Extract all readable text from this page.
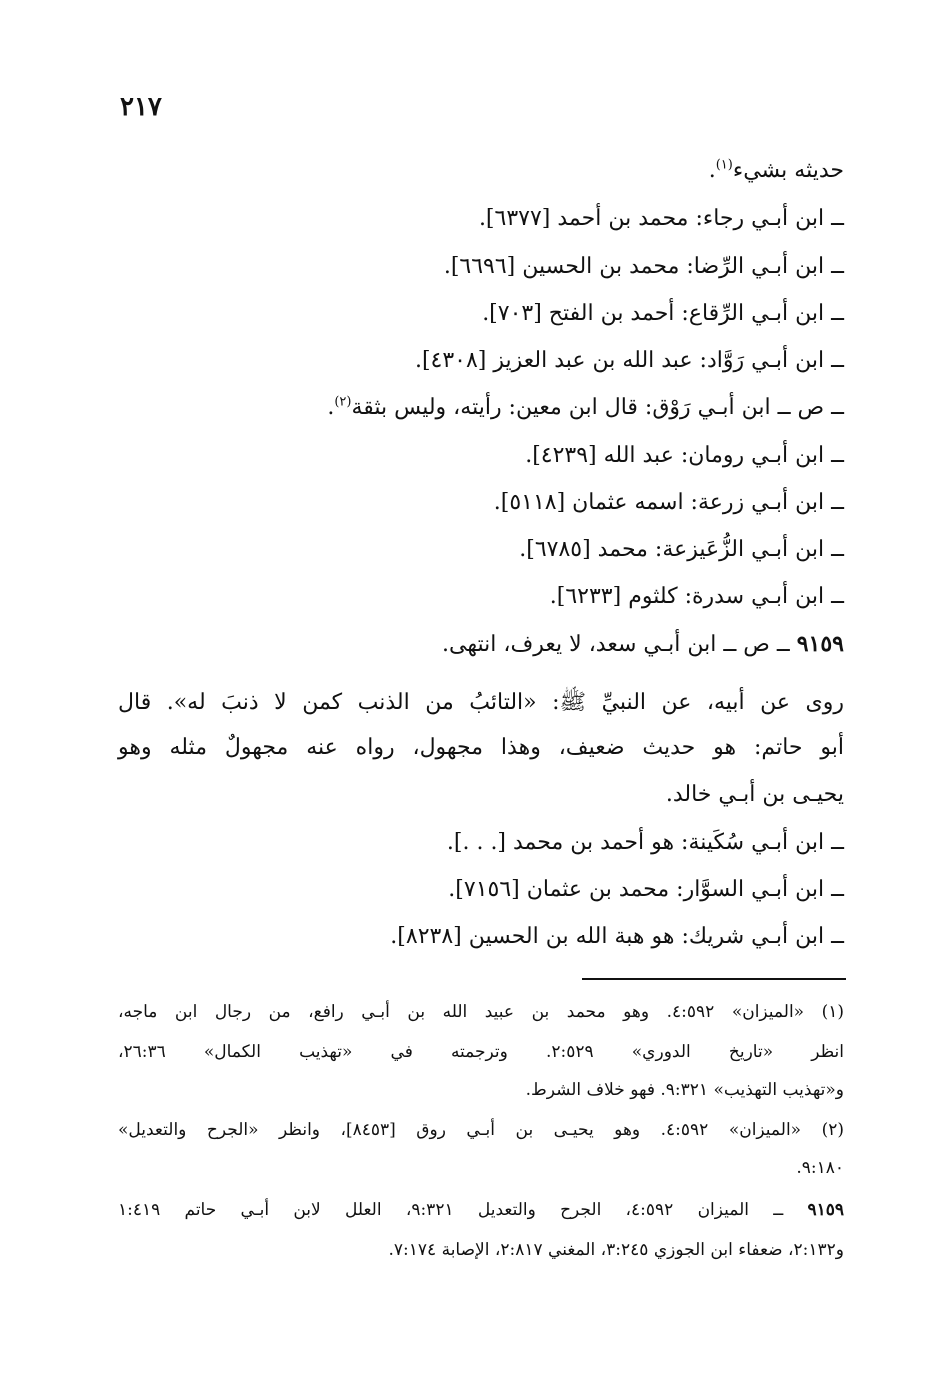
٢١٧
حديثه بشيء$^{(١)}$.
ــ ابن أبـي رجاء: محمد بن أحمد [٦٣٧٧].
ــ ابن أبـي الرِّضا: محمد بن الحسين [٦٦٩٦].
ــ ابن أبـي الرِّقاع: أحمد بن الفتح [٧٠٣].
ــ ابن أبـي رَوَّاد: عبد الله بن عبد العزيز [٤٣٠٨].
ــ ص ــ ابن أبـي رَوْق: قال ابن معين: رأيته، وليس بثقة$^{(٢)}$.
ــ ابن أبـي رومان: عبد الله [٤٢٣٩].
ــ ابن أبـي زرعة: اسمه عثمان [٥١١٨].
ــ ابن أبـي الزُّعَيزعة: محمد [٦٧٨٥].
ــ ابن أبـي سدرة: كلثوم [٦٢٣٣].
٩١٥٩ ــ ص ــ ابن أبـي سعد، لا يعرف، انتهى.
روى عن أبيه، عن النبيِّ ﷺ: «التائبُ من الذنب كمن لا ذنبَ له». قال
أبو حاتم: هو حديث ضعيف، وهذا مجهول، رواه عنه مجهولٌ مثله وهو
يحيـى بن أبـي خالد.
ــ ابن أبـي سُكَينة: هو أحمد بن محمد [. . .].
ــ ابن أبـي السوَّار: محمد بن عثمان [٧١٥٦].
ــ ابن أبـي شريك: هو هبة الله بن الحسين [٨٢٣٨].
(١) «الميزان» ٤:٥٩٢. وهو محمد بن عبيد الله بن أبـي رافع، من رجال ابن ماجه،
انظر «تاريخ الدوري» ٢:٥٢٩. وترجمته في «تهذيب الكمال» ٢٦:٣٦،
و«تهذيب التهذيب» ٩:٣٢١. فهو خلاف الشرط.
(٢) «الميزان» ٤:٥٩٢. وهو يحيـى بن أبـي روق [٨٤٥٣]، وانظر «الجرح والتعديل»
٩:١٨٠.
٩١٥٩ ــ الميزان ٤:٥٩٢، الجرح والتعديل ٩:٣٢١، العلل لابن أبـي حاتم ١:٤١٩
و٢:١٣٢، ضعفاء ابن الجوزي ٣:٢٤٥، المغني ٢:٨١٧، الإصابة ٧:١٧٤.
